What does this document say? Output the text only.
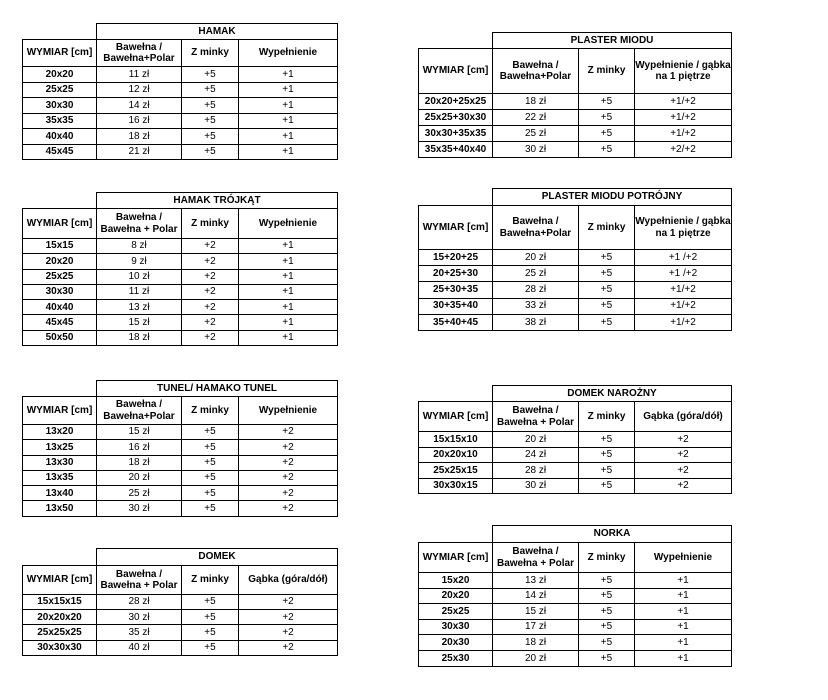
	HAMAK		
WYMIAR [cm]	Bawełna / Bawełna+Polar	Z minky	Wypełnienie
20x20	11 zł	+5	+1
25x25	12 zł	+5	+1
30x30	14 zł	+5	+1
35x35	16 zł	+5	+1
40x40	18 zł	+5	+1
45x45	21 zł	+5	+1
	HAMAK TRÓJKĄT		
WYMIAR [cm]	Bawełna / Bawełna + Polar	Z minky	Wypełnienie
15x15	8 zł	+2	+1
20x20	9 zł	+2	+1
25x25	10 zł	+2	+1
30x30	11 zł	+2	+1
40x40	13 zł	+2	+1
45x45	15 zł	+2	+1
50x50	18 zł	+2	+1
	TUNEL/ HAMAKO TUNEL		
WYMIAR [cm]	Bawełna / Bawełna+Polar	Z minky	Wypełnienie
13x20	15 zł	+5	+2
13x25	16 zł	+5	+2
13x30	18 zł	+5	+2
13x35	20 zł	+5	+2
13x40	25 zł	+5	+2
13x50	30 zł	+5	+2
	DOMEK		
WYMIAR [cm]	Bawełna / Bawełna + Polar	Z minky	Gąbka (góra/dół)
15x15x15	28 zł	+5	+2
20x20x20	30 zł	+5	+2
25x25x25	35 zł	+5	+2
30x30x30	40 zł	+5	+2
	PLASTER MIODU		
WYMIAR [cm]	Bawełna / Bawełna+Polar	Z minky	Wypełnienie / gąbka na 1 piętrze
20x20+25x25	18 zł	+5	+1/+2
25x25+30x30	22 zł	+5	+1/+2
30x30+35x35	25 zł	+5	+1/+2
35x35+40x40	30 zł	+5	+2/+2
	PLASTER MIODU POTRÓJNY		
WYMIAR [cm]	Bawełna / Bawełna+Polar	Z minky	Wypełnienie / gąbka na 1 piętrze
15+20+25	20 zł	+5	+1 /+2
20+25+30	25 zł	+5	+1 /+2
25+30+35	28 zł	+5	+1/+2
30+35+40	33 zł	+5	+1/+2
35+40+45	38 zł	+5	+1/+2
	DOMEK NAROŻNY		
WYMIAR [cm]	Bawełna / Bawełna + Polar	Z minky	Gąbka (góra/dół)
15x15x10	20 zł	+5	+2
20x20x10	24 zł	+5	+2
25x25x15	28 zł	+5	+2
30x30x15	30 zł	+5	+2
	NORKA		
WYMIAR [cm]	Bawełna / Bawełna + Polar	Z minky	Wypełnienie
15x20	13 zł	+5	+1
20x20	14 zł	+5	+1
25x25	15 zł	+5	+1
30x30	17 zł	+5	+1
20x30	18 zł	+5	+1
25x30	20 zł	+5	+1
